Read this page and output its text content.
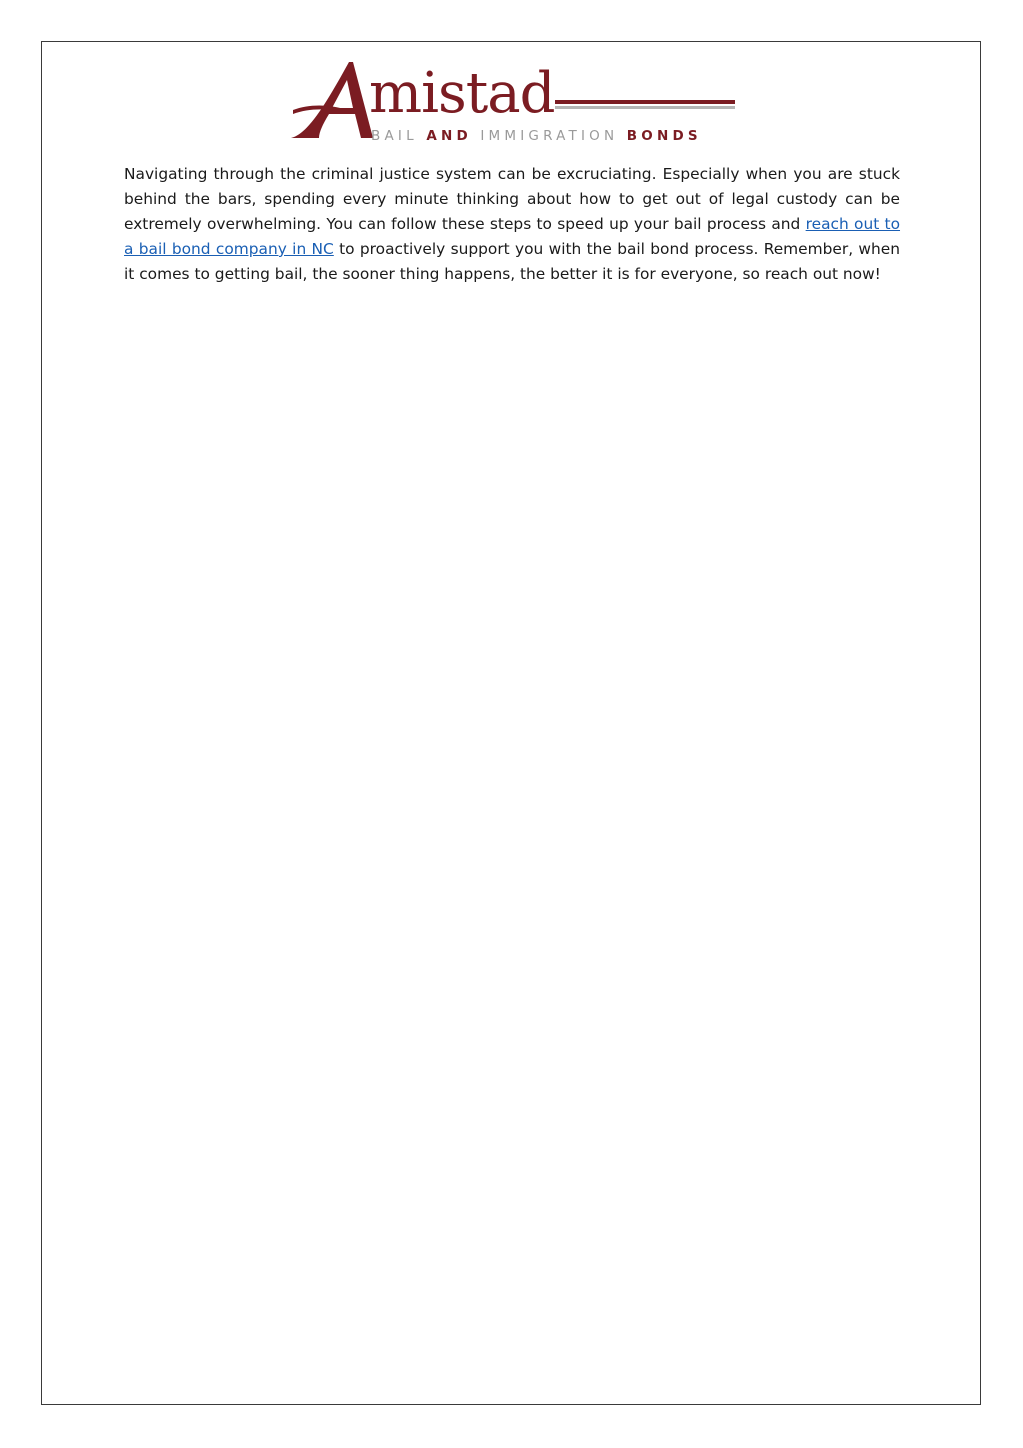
mistad
BAIL AND IMMIGRATION BONDS

Navigating through the criminal justice system can be excruciating. Especially when you are stuck behind the bars, spending every minute thinking about how to get out of legal custody can be extremely overwhelming. You can follow these steps to speed up your bail process and reach out to a bail bond company in NC to proactively support you with the bail bond process. Remember, when it comes to getting bail, the sooner thing happens, the better it is for everyone, so reach out now!
